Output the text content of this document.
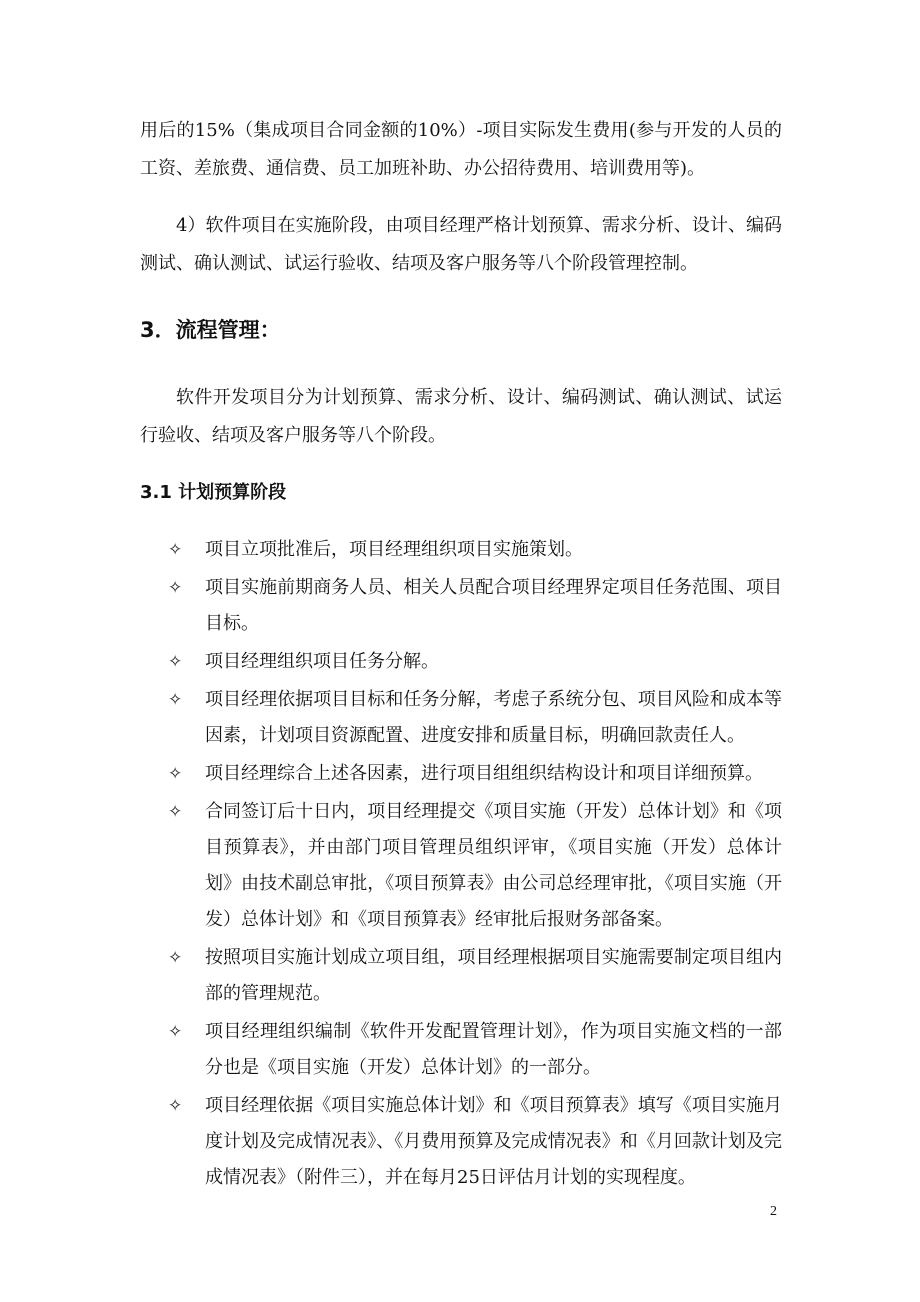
用后的15%（集成项目合同金额的10%）-项目实际发生费用(参与开发的人员的工资、差旅费、通信费、员工加班补助、办公招待费用、培训费用等)。

4）软件项目在实施阶段，由项目经理严格计划预算、需求分析、设计、编码测试、确认测试、试运行验收、结项及客户服务等八个阶段管理控制。

3．流程管理：

软件开发项目分为计划预算、需求分析、设计、编码测试、确认测试、试运行验收、结项及客户服务等八个阶段。

3.1 计划预算阶段
✧	项目立项批准后，项目经理组织项目实施策划。
✧	项目实施前期商务人员、相关人员配合项目经理界定项目任务范围、项目目标。
✧	项目经理组织项目任务分解。
✧	项目经理依据项目目标和任务分解，考虑子系统分包、项目风险和成本等因素，计划项目资源配置、进度安排和质量目标，明确回款责任人。
✧	项目经理综合上述各因素，进行项目组组织结构设计和项目详细预算。
✧	合同签订后十日内，项目经理提交《项目实施（开发）总体计划》和《项目预算表》，并由部门项目管理员组织评审，《项目实施（开发）总体计划》由技术副总审批，《项目预算表》由公司总经理审批，《项目实施（开发）总体计划》和《项目预算表》经审批后报财务部备案。
✧	按照项目实施计划成立项目组，项目经理根据项目实施需要制定项目组内部的管理规范。
✧	项目经理组织编制《软件开发配置管理计划》，作为项目实施文档的一部分也是《项目实施（开发）总体计划》的一部分。
✧	项目经理依据《项目实施总体计划》和《项目预算表》填写《项目实施月度计划及完成情况表》、《月费用预算及完成情况表》和《月回款计划及完成情况表》（附件三），并在每月25日评估月计划的实现程度。
2
